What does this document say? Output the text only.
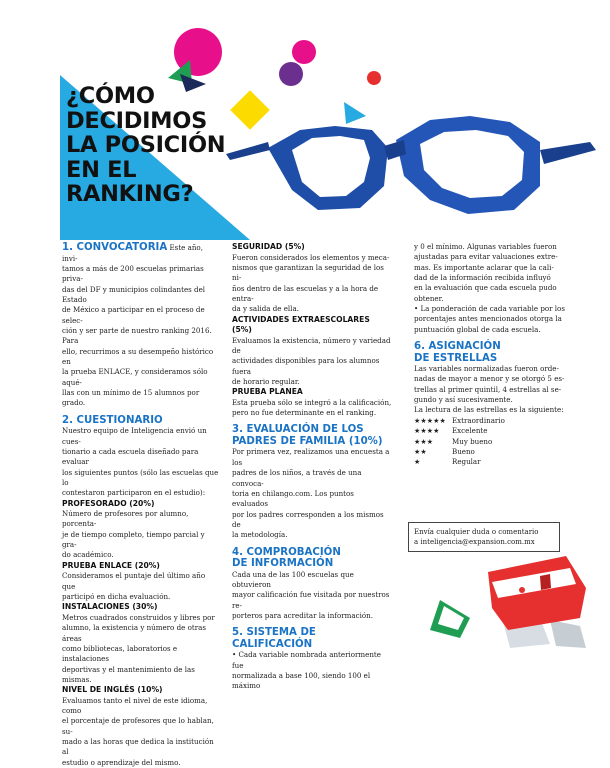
¿CÓMO
DECIDIMOS
LA POSICIÓN
EN EL
RANKING?
1. CONVOCATORIA Este año, invi-
tamos a más de 200 escuelas primarias priva-
das del DF y municipios colindantes del Estado
de México a participar en el proceso de selec-
ción y ser parte de nuestro ranking 2016. Para
ello, recurrimos a su desempeño histórico en
la prueba ENLACE, y consideramos sólo aqué-
llas con un mínimo de 15 alumnos por grado.
2. CUESTIONARIO
Nuestro equipo de Inteligencia envió un cues-
tionario a cada escuela diseñado para evaluar
los siguientes puntos (sólo las escuelas que lo
contestaron participaron en el estudio):
PROFESORADO (20%)
Número de profesores por alumno, porcenta-
je de tiempo completo, tiempo parcial y gra-
do académico.
PRUEBA ENLACE (20%)
Consideramos el puntaje del último año que
participó en dicha evaluación.
INSTALACIONES (30%)
Metros cuadrados construidos y libres por
alumno, la existencia y número de otras áreas
como bibliotecas, laboratorios e instalaciones
deportivas y el mantenimiento de las mismas.
NIVEL DE INGLÉS (10%)
Evaluamos tanto el nivel de este idioma, como
el porcentaje de profesores que lo hablan, su-
mado a las horas que dedica la institución al
estudio o aprendizaje del mismo.
SEGURIDAD (5%)
Fueron considerados los elementos y meca-
nismos que garantizan la seguridad de los ni-
ños dentro de las escuelas y a la hora de entra-
da y salida de ella.
ACTIVIDADES EXTRAESCOLARES (5%)
Evaluamos la existencia, número y variedad de
actividades disponibles para los alumnos fuera
de horario regular.
PRUEBA PLANEA
Esta prueba sólo se integró a la calificación,
pero no fue determinante en el ranking.
3. EVALUACIÓN DE LOS
PADRES DE FAMILIA (10%)
Por primera vez, realizamos una encuesta a los
padres de los niños, a través de una convoca-
toria en chilango.com. Los puntos evaluados
por los padres corresponden a los mismos de
la metodología.
4. COMPROBACIÓN
DE INFORMACIÓN
Cada una de las 100 escuelas que obtuvieron
mayor calificación fue visitada por nuestros re-
porteros para acreditar la información.
5. SISTEMA DE
CALIFICACIÓN
• Cada variable nombrada anteriormente fue
normalizada a base 100, siendo 100 el máximo
y 0 el mínimo. Algunas variables fueron
ajustadas para evitar valuaciones extre-
mas. Es importante aclarar que la cali-
dad de la información recibida influyó
en la evaluación que cada escuela pudo
obtener.
• La ponderación de cada variable por los
porcentajes antes mencionados otorga la
puntuación global de cada escuela.
6. ASIGNACIÓN
DE ESTRELLAS
Las variables normalizadas fueron orde-
nadas de mayor a menor y se otorgó 5 es-
trellas al primer quintil, 4 estrellas al se-
gundo y así sucesivamente.
La lectura de las estrellas es la siguiente:
★★★★★ Extraordinario
★★★★ Excelente
★★★	Muy bueno
★★	Bueno
★	Regular
Envía cualquier duda o comentario
a inteligencia@expansion.com.mx
